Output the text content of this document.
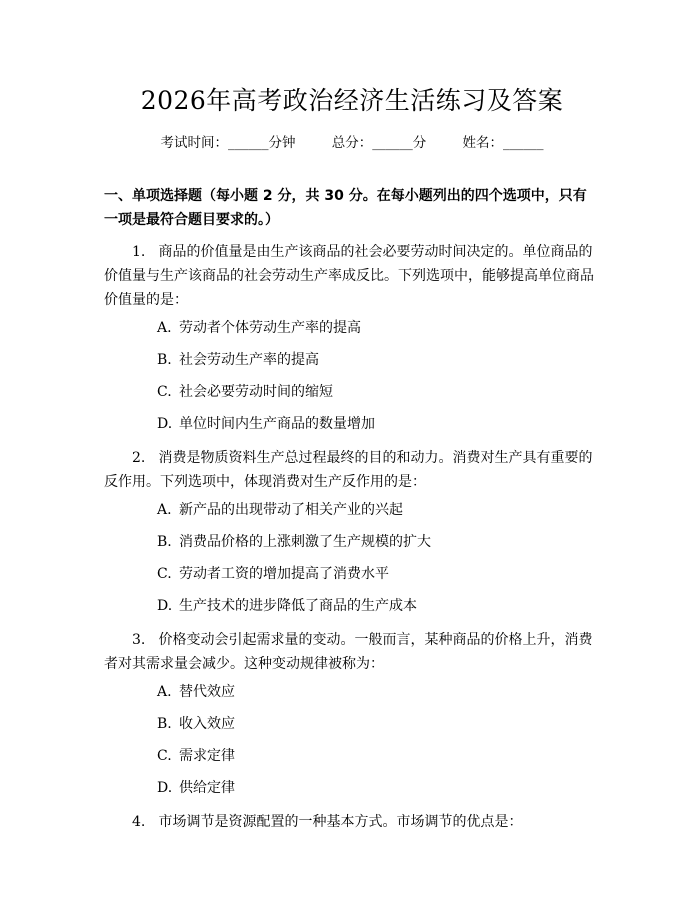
2026年高考政治经济生活练习及答案
考试时间：______分钟	总分：______分	姓名：______
一、单项选择题（每小题 2 分，共 30 分。在每小题列出的四个选项中，只有一项是最符合题目要求的。）
1. 商品的价值量是由生产该商品的社会必要劳动时间决定的。单位商品的价值量与生产该商品的社会劳动生产率成反比。下列选项中，能够提高单位商品价值量的是：
A. 劳动者个体劳动生产率的提高
B. 社会劳动生产率的提高
C. 社会必要劳动时间的缩短
D. 单位时间内生产商品的数量增加
2. 消费是物质资料生产总过程最终的目的和动力。消费对生产具有重要的反作用。下列选项中，体现消费对生产反作用的是：
A. 新产品的出现带动了相关产业的兴起
B. 消费品价格的上涨刺激了生产规模的扩大
C. 劳动者工资的增加提高了消费水平
D. 生产技术的进步降低了商品的生产成本
3. 价格变动会引起需求量的变动。一般而言，某种商品的价格上升，消费者对其需求量会减少。这种变动规律被称为：
A. 替代效应
B. 收入效应
C. 需求定律
D. 供给定律
4. 市场调节是资源配置的一种基本方式。市场调节的优点是：
